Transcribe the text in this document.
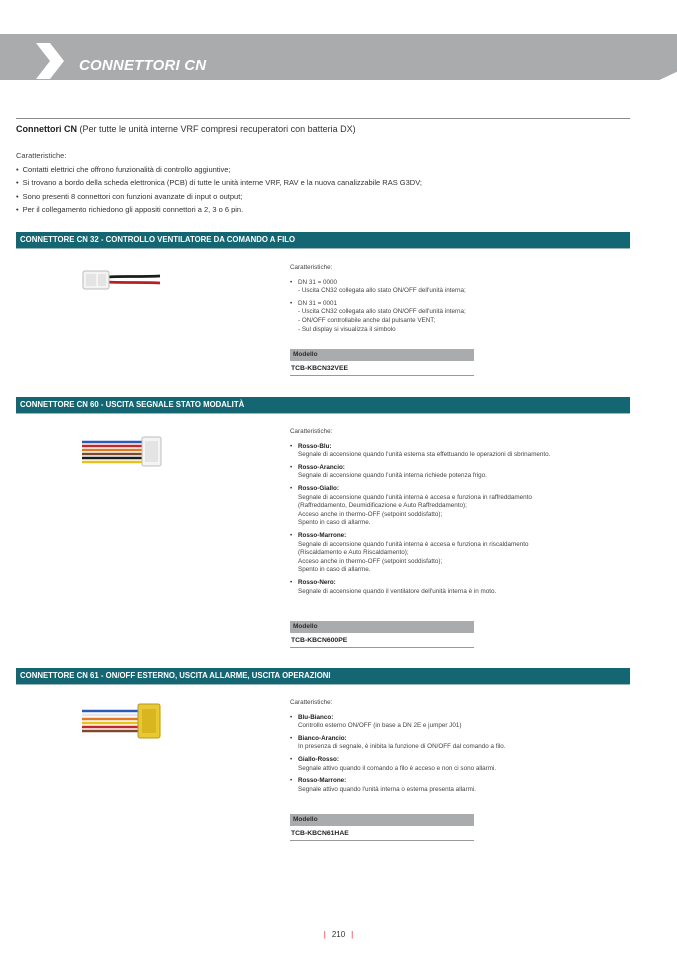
CONNETTORI CN
Connettori CN (Per tutte le unità interne VRF compresi recuperatori con batteria DX)
Caratteristiche:
• Contatti elettrici che offrono funzionalità di controllo aggiuntive;
• Si trovano a bordo della scheda elettronica (PCB) di tutte le unità interne VRF, RAV e la nuova canalizzabile RAS G3DV;
• Sono presenti 8 connettori con funzioni avanzate di input o output;
• Per il collegamento richiedono gli appositi connettori a 2, 3 o 6 pin.
CONNETTORE CN 32 - CONTROLLO VENTILATORE DA COMANDO A FILO
Caratteristiche:
• DN 31 = 0000
- Uscita CN32 collegata allo stato ON/OFF dell'unità interna;
• DN 31 = 0001
- Uscita CN32 collegata allo stato ON/OFF dell'unità interna;
- ON/OFF controllabile anche dal pulsante VENT;
- Sul display si visualizza il simbolo
Modello
TCB-KBCN32VEE
CONNETTORE CN 60 - USCITA SEGNALE STATO MODALITÀ
Caratteristiche:
• Rosso-Blu:
Segnale di accensione quando l'unità esterna sta effettuando le operazioni di sbrinamento.
• Rosso-Arancio:
Segnale di accensione quando l'unità interna richiede potenza frigo.
• Rosso-Giallo:
Segnale di accensione quando l'unità interna è accesa e funziona in raffreddamento
(Raffreddamento, Deumidificazione e Auto Raffreddamento);
Acceso anche in thermo-OFF (setpoint soddisfatto);
Spento in caso di allarme.
• Rosso-Marrone:
Segnale di accensione quando l'unità interna è accesa e funziona in riscaldamento
(Riscaldamento e Auto Riscaldamento);
Acceso anche in thermo-OFF (setpoint soddisfatto);
Spento in caso di allarme.
• Rosso-Nero:
Segnale di accensione quando il ventilatore dell'unità interna è in moto.
Modello
TCB-KBCN600PE
CONNETTORE CN 61 - ON/OFF ESTERNO, USCITA ALLARME, USCITA OPERAZIONI
Caratteristiche:
• Blu-Bianco:
Controllo esterno ON/OFF (in base a DN 2E e jumper J01)
• Bianco-Arancio:
In presenza di segnale, è inibita la funzione di ON/OFF dal comando a filo.
• Giallo-Rosso:
Segnale attivo quando il comando a filo è acceso e non ci sono allarmi.
• Rosso-Marrone:
Segnale attivo quando l'unità interna o esterna presenta allarmi.
Modello
TCB-KBCN61HAE
| 210 |
